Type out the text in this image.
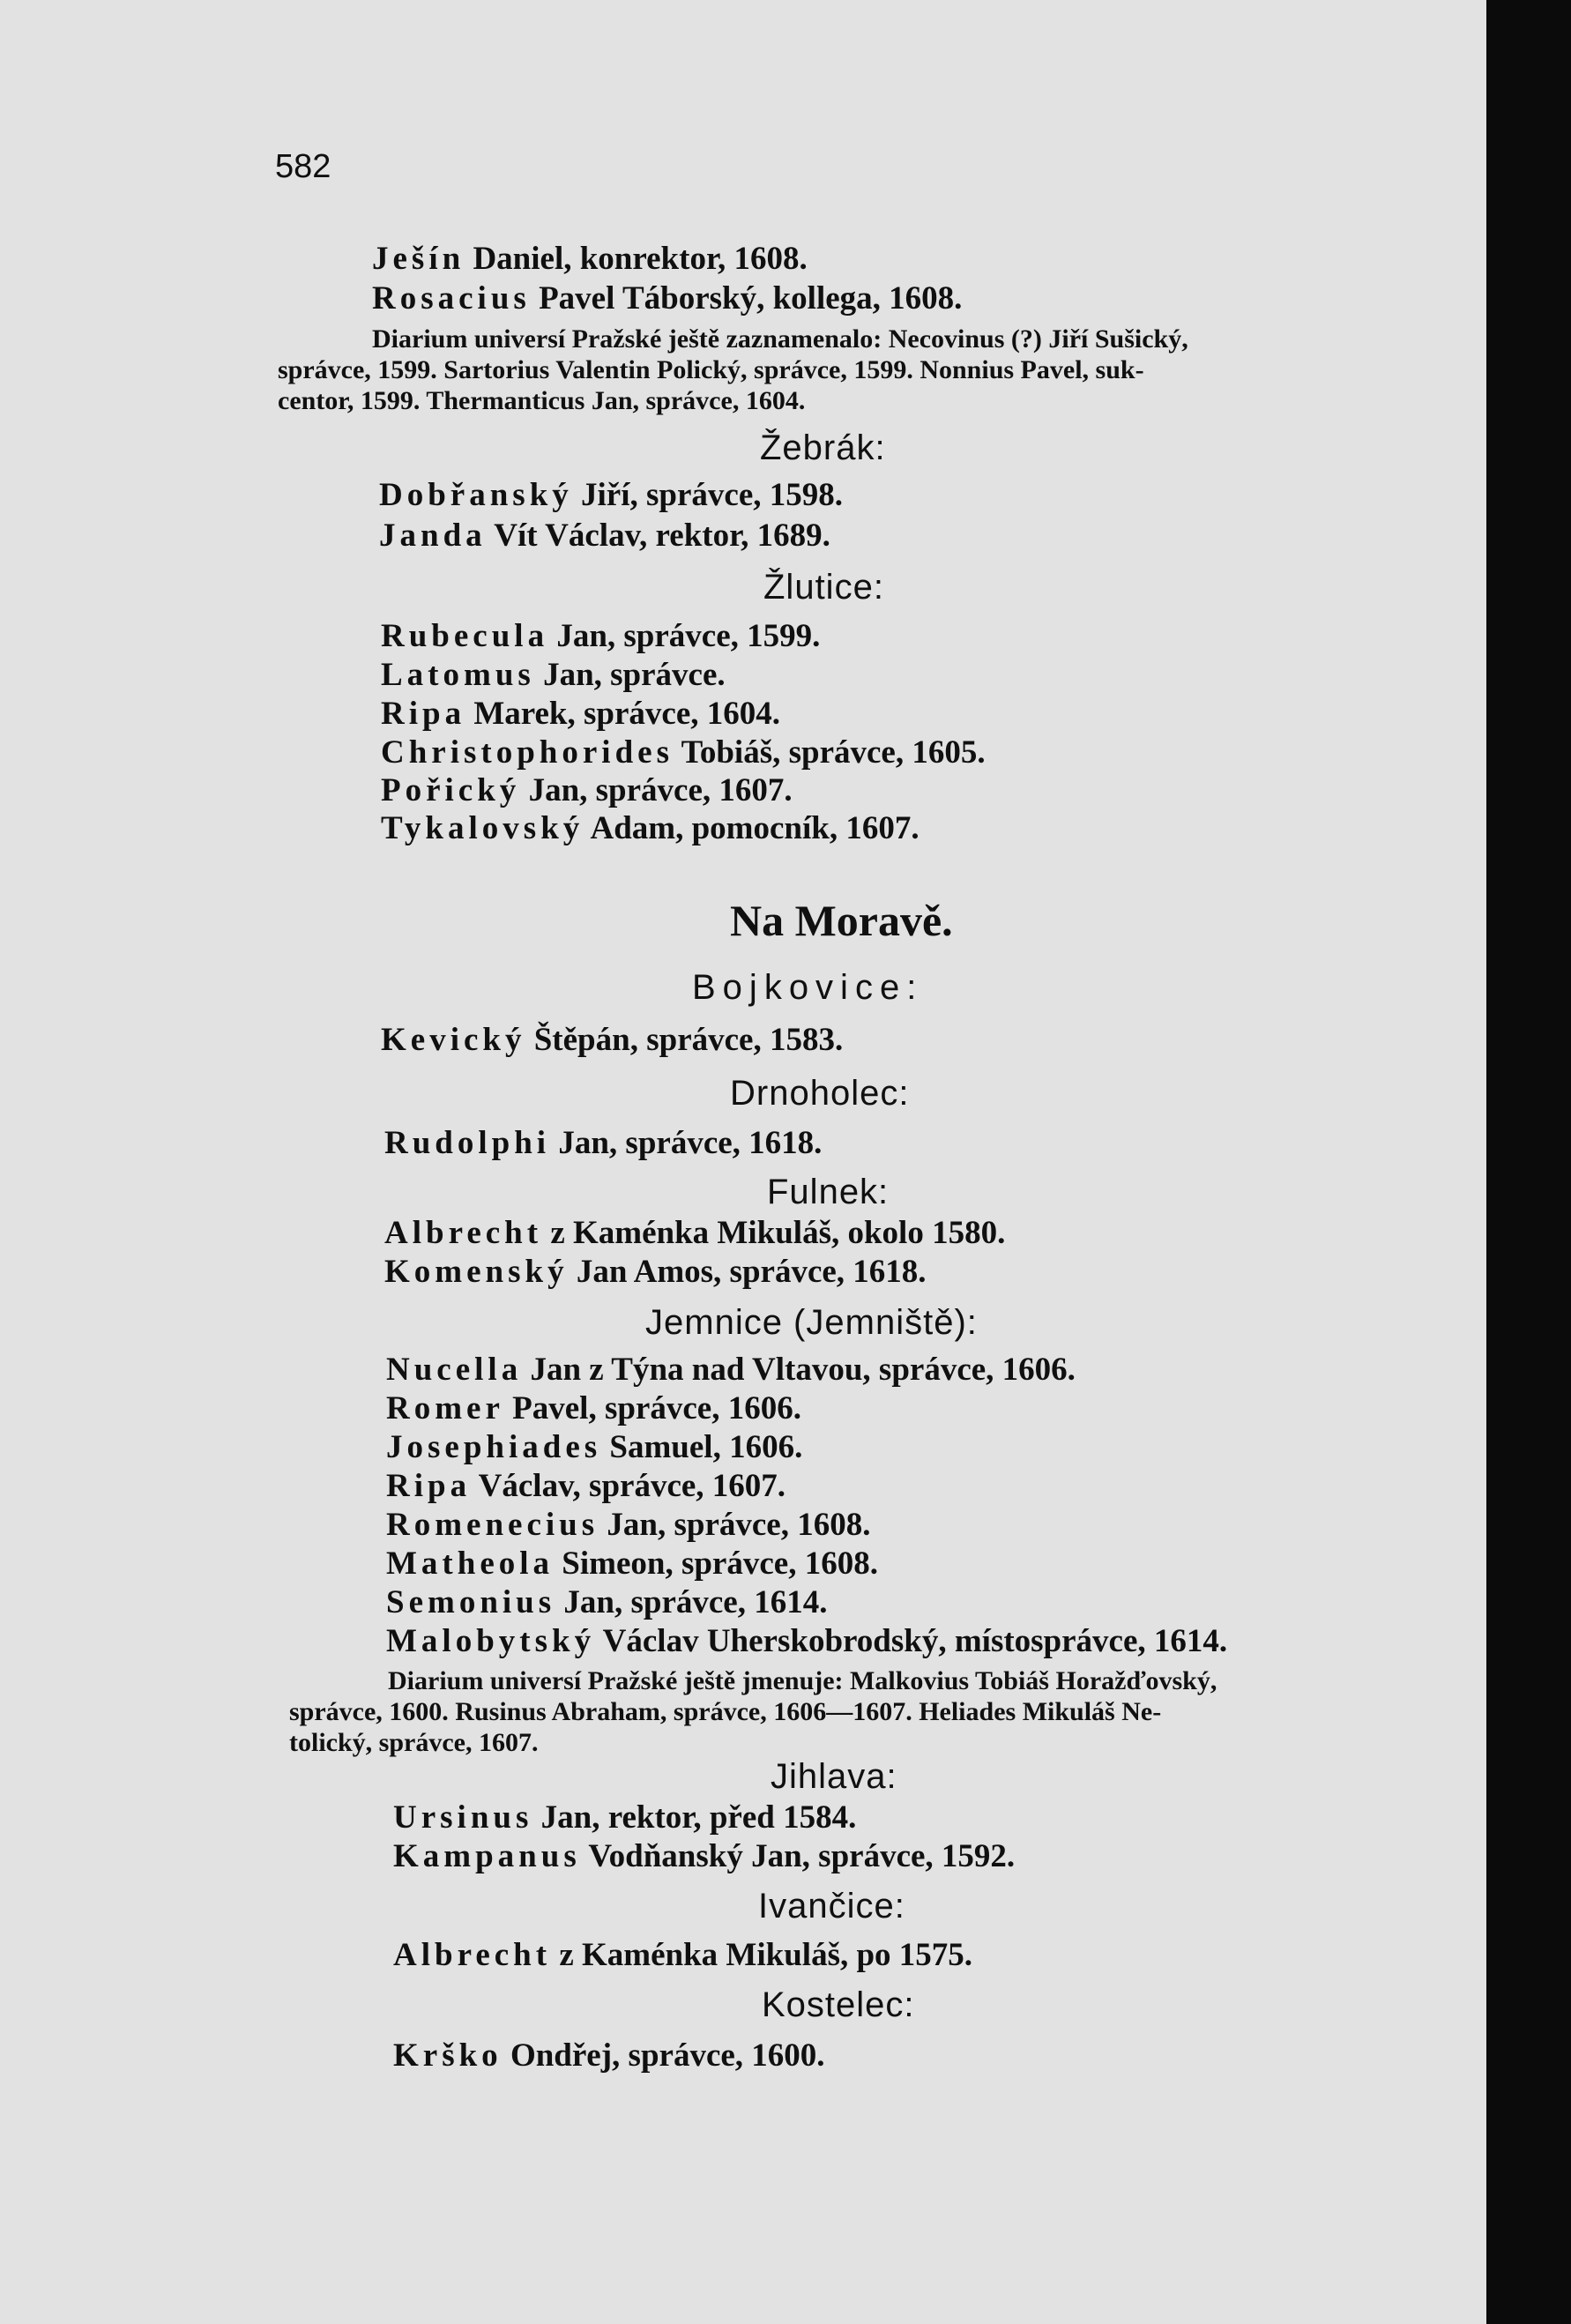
582
Ješín Daniel, konrektor, 1608.
Rosacius Pavel Táborský, kollega, 1608.
Diarium universí Pražské ještě zaznamenalo: Necovinus (?) Jiří Sušický,
správce, 1599. Sartorius Valentin Polický, správce, 1599. Nonnius Pavel, suk-
centor, 1599. Thermanticus Jan, správce, 1604.
Žebrák:
Dobřanský Jiří, správce, 1598.
Janda Vít Václav, rektor, 1689.
Žlutice:
Rubecula Jan, správce, 1599.
Latomus Jan, správce.
Ripa Marek, správce, 1604.
Christophorides Tobiáš, správce, 1605.
Pořický Jan, správce, 1607.
Tykalovský Adam, pomocník, 1607.
Na Moravě.
Bojkovice:
Kevický Štěpán, správce, 1583.
Drnoholec:
Rudolphi Jan, správce, 1618.
Fulnek:
Albrecht z Kaménka Mikuláš, okolo 1580.
Komenský Jan Amos, správce, 1618.
Jemnice (Jemniště):
Nucella Jan z Týna nad Vltavou, správce, 1606.
Romer Pavel, správce, 1606.
Josephiades Samuel, 1606.
Ripa Václav, správce, 1607.
Romenecius Jan, správce, 1608.
Matheola Simeon, správce, 1608.
Semonius Jan, správce, 1614.
Malobytský Václav Uherskobrodský, místosprávce, 1614.
Diarium universí Pražské ještě jmenuje: Malkovius Tobiáš Horažďovský,
správce, 1600. Rusinus Abraham, správce, 1606—1607. Heliades Mikuláš Ne-
tolický, správce, 1607.
Jihlava:
Ursinus Jan, rektor, před 1584.
Kampanus Vodňanský Jan, správce, 1592.
Ivančice:
Albrecht z Kaménka Mikuláš, po 1575.
Kostelec:
Krško Ondřej, správce, 1600.
